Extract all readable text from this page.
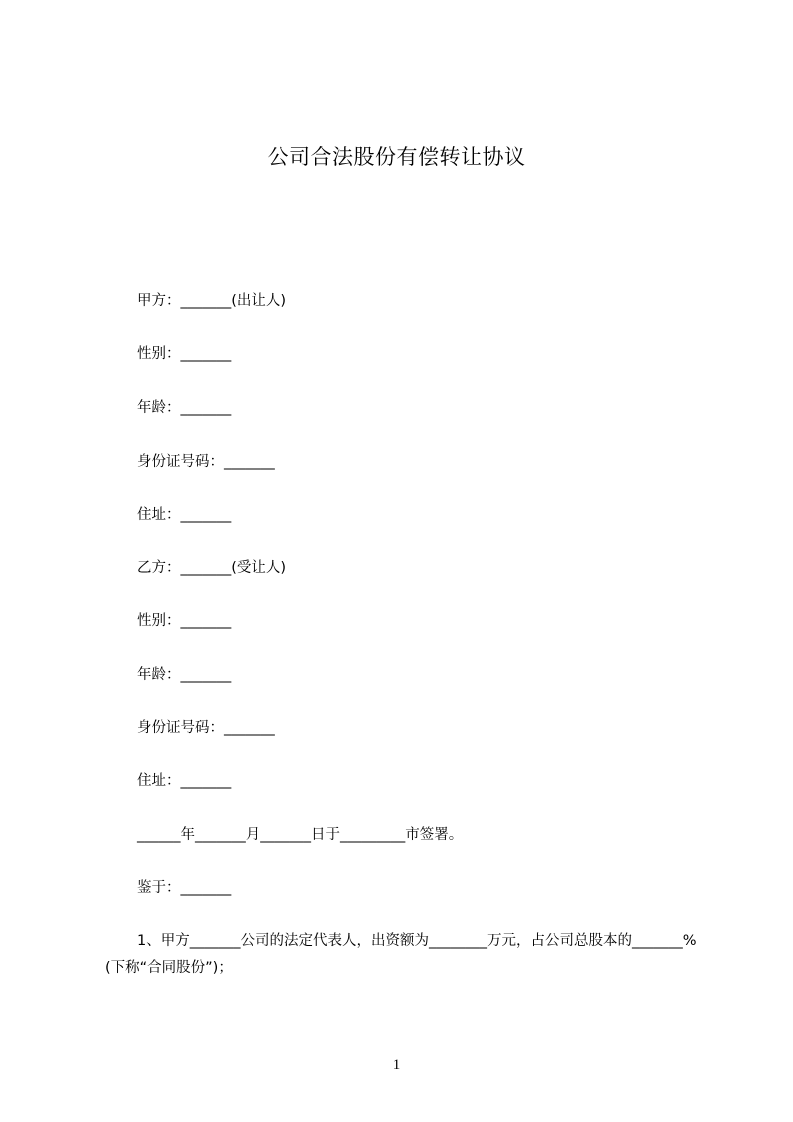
公司合法股份有偿转让协议
甲方：_______(出让人)
性别：_______
年龄：_______
身份证号码：_______
住址：_______
乙方：_______(受让人)
性别：_______
年龄：_______
身份证号码：_______
住址：_______
______年_______月_______日于_________市签署。
鉴于：_______
1、甲方_______公司的法定代表人，出资额为________万元，占公司总股本的_______%(下称“合同股份”)；
1
